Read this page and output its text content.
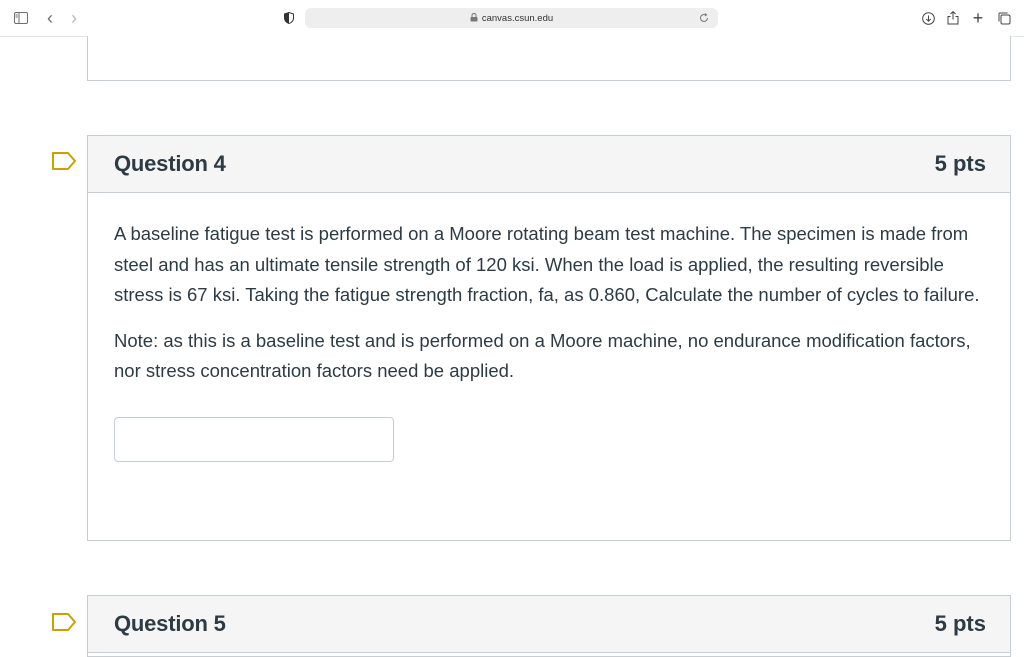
‹	›	canvas.csun.edu	+
Question 4	5 pts

A baseline fatigue test is performed on a Moore rotating beam test machine. The specimen is made from steel and has an ultimate tensile strength of 120 ksi. When the load is applied, the resulting reversible stress is 67 ksi. Taking the fatigue strength fraction, fa, as 0.860, Calculate the number of cycles to failure.

Note: as this is a baseline test and is performed on a Moore machine, no endurance modification factors, nor stress concentration factors need be applied.

Question 5	5 pts
